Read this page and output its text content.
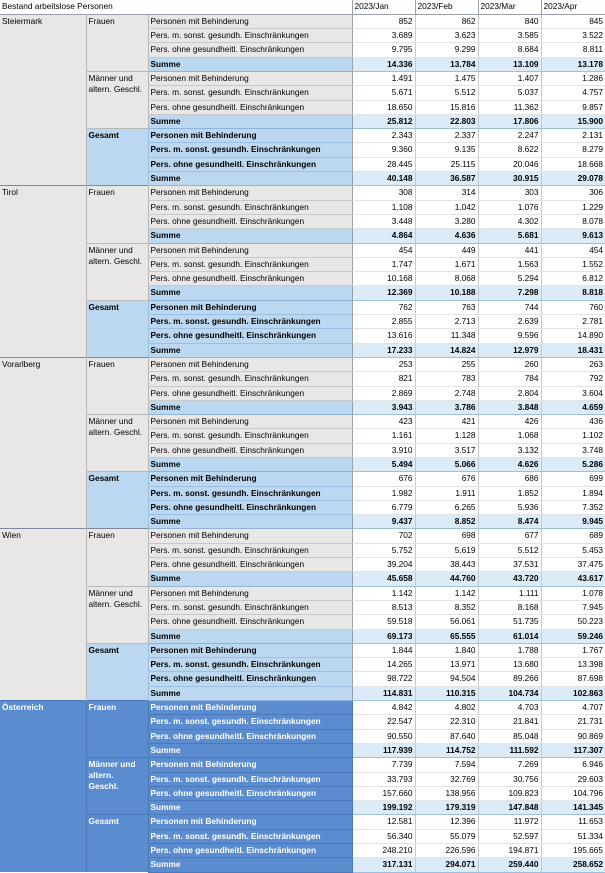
Bestand arbeitslose Personen			2023/Jan	2023/Feb	2023/Mar	2023/Apr
Steiermark	Frauen	Personen mit Behinderung	852	862	840	845
		Pers. m. sonst. gesundh. Einschränkungen	3.689	3.623	3.585	3.522
		Pers. ohne gesundheitl. Einschränkungen	9.795	9.299	8.684	8.811
		Summe	14.336	13.784	13.109	13.178
	Männer und altern. Geschl.	Personen mit Behinderung	1.491	1.475	1.407	1.286
		Pers. m. sonst. gesundh. Einschränkungen	5.671	5.512	5.037	4.757
		Pers. ohne gesundheitl. Einschränkungen	18.650	15.816	11.362	9.857
		Summe	25.812	22.803	17.806	15.900
	Gesamt	Personen mit Behinderung	2.343	2.337	2.247	2.131
		Pers. m. sonst. gesundh. Einschränkungen	9.360	9.135	8.622	8.279
		Pers. ohne gesundheitl. Einschränkungen	28.445	25.115	20.046	18.668
		Summe	40.148	36.587	30.915	29.078
Tirol	Frauen	Personen mit Behinderung	308	314	303	306
		Pers. m. sonst. gesundh. Einschränkungen	1.108	1.042	1.076	1.229
		Pers. ohne gesundheitl. Einschränkungen	3.448	3.280	4.302	8.078
		Summe	4.864	4.636	5.681	9.613
	Männer und altern. Geschl.	Personen mit Behinderung	454	449	441	454
		Pers. m. sonst. gesundh. Einschränkungen	1.747	1.671	1.563	1.552
		Pers. ohne gesundheitl. Einschränkungen	10.168	8.068	5.294	6.812
		Summe	12.369	10.188	7.298	8.818
	Gesamt	Personen mit Behinderung	762	763	744	760
		Pers. m. sonst. gesundh. Einschränkungen	2.855	2.713	2.639	2.781
		Pers. ohne gesundheitl. Einschränkungen	13.616	11.348	9.596	14.890
		Summe	17.233	14.824	12.979	18.431
Vorarlberg	Frauen	Personen mit Behinderung	253	255	260	263
		Pers. m. sonst. gesundh. Einschränkungen	821	783	784	792
		Pers. ohne gesundheitl. Einschränkungen	2.869	2.748	2.804	3.604
		Summe	3.943	3.786	3.848	4.659
	Männer und altern. Geschl.	Personen mit Behinderung	423	421	426	436
		Pers. m. sonst. gesundh. Einschränkungen	1.161	1.128	1.068	1.102
		Pers. ohne gesundheitl. Einschränkungen	3.910	3.517	3.132	3.748
		Summe	5.494	5.066	4.626	5.286
	Gesamt	Personen mit Behinderung	676	676	686	699
		Pers. m. sonst. gesundh. Einschränkungen	1.982	1.911	1.852	1.894
		Pers. ohne gesundheitl. Einschränkungen	6.779	6.265	5.936	7.352
		Summe	9.437	8.852	8.474	9.945
Wien	Frauen	Personen mit Behinderung	702	698	677	689
		Pers. m. sonst. gesundh. Einschränkungen	5.752	5.619	5.512	5.453
		Pers. ohne gesundheitl. Einschränkungen	39.204	38.443	37.531	37.475
		Summe	45.658	44.760	43.720	43.617
	Männer und altern. Geschl.	Personen mit Behinderung	1.142	1.142	1.111	1.078
		Pers. m. sonst. gesundh. Einschränkungen	8.513	8.352	8.168	7.945
		Pers. ohne gesundheitl. Einschränkungen	59.518	56.061	51.735	50.223
		Summe	69.173	65.555	61.014	59.246
	Gesamt	Personen mit Behinderung	1.844	1.840	1.788	1.767
		Pers. m. sonst. gesundh. Einschränkungen	14.265	13.971	13.680	13.398
		Pers. ohne gesundheitl. Einschränkungen	98.722	94.504	89.266	87.698
		Summe	114.831	110.315	104.734	102.863
Österreich	Frauen	Personen mit Behinderung	4.842	4.802	4.703	4.707
		Pers. m. sonst. gesundh. Einschränkungen	22.547	22.310	21.841	21.731
		Pers. ohne gesundheitl. Einschränkungen	90.550	87.640	85.048	90.869
		Summe	117.939	114.752	111.592	117.307
	Männer und altern. Geschl.	Personen mit Behinderung	7.739	7.594	7.269	6.946
		Pers. m. sonst. gesundh. Einschränkungen	33.793	32.769	30.756	29.603
		Pers. ohne gesundheitl. Einschränkungen	157.660	138.956	109.823	104.796
		Summe	199.192	179.319	147.848	141.345
	Gesamt	Personen mit Behinderung	12.581	12.396	11.972	11.653
		Pers. m. sonst. gesundh. Einschränkungen	56.340	55.079	52.597	51.334
		Pers. ohne gesundheitl. Einschränkungen	248.210	226.596	194.871	195.665
		Summe	317.131	294.071	259.440	258.652
